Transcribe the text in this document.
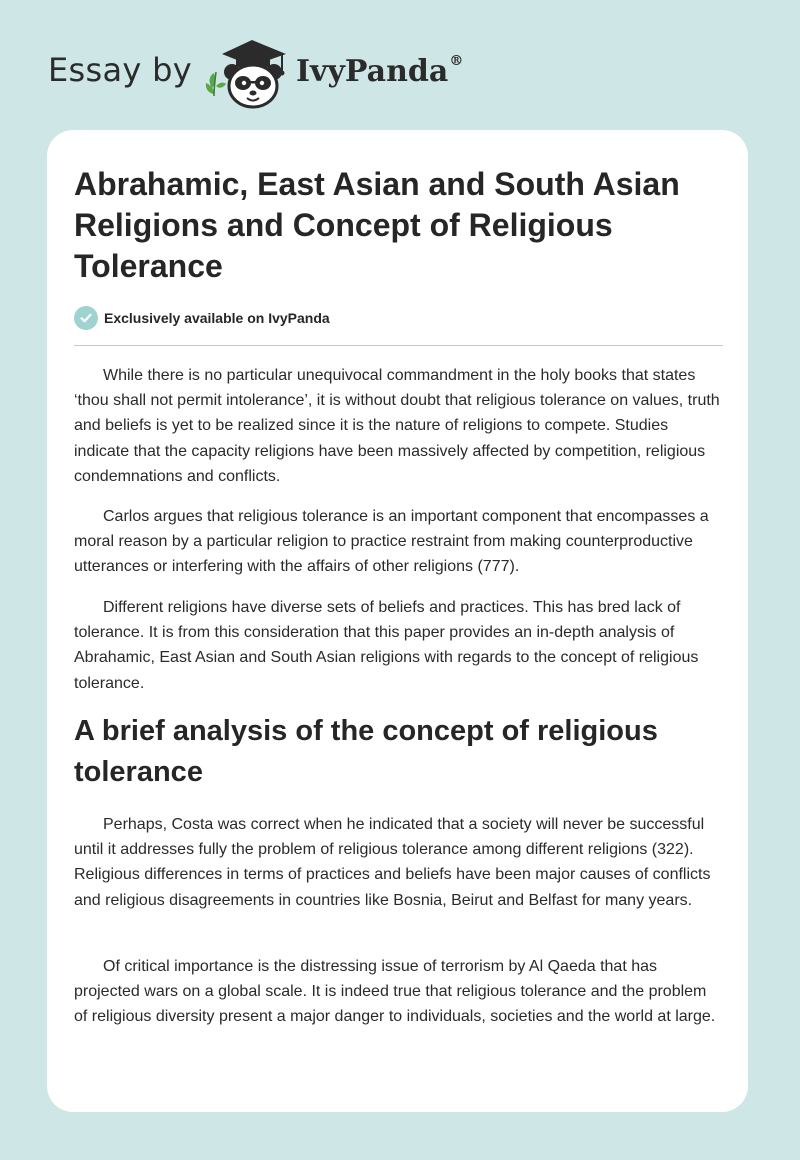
Essay by	IvyPanda®
Abrahamic, East Asian and South Asian Religions and Concept of Religious Tolerance
Exclusively available on IvyPanda

While there is no particular unequivocal commandment in the holy books that states ‘thou shall not permit intolerance’, it is without doubt that religious tolerance on values, truth and beliefs is yet to be realized since it is the nature of religions to compete. Studies indicate that the capacity religions have been massively affected by competition, religious condemnations and conflicts.

Carlos argues that religious tolerance is an important component that encompasses a moral reason by a particular religion to practice restraint from making counterproductive utterances or interfering with the affairs of other religions (777).

Different religions have diverse sets of beliefs and practices. This has bred lack of tolerance. It is from this consideration that this paper provides an in-depth analysis of Abrahamic, East Asian and South Asian religions with regards to the concept of religious tolerance.

A brief analysis of the concept of religious tolerance

Perhaps, Costa was correct when he indicated that a society will never be successful until it addresses fully the problem of religious tolerance among different religions (322). Religious differences in terms of practices and beliefs have been major causes of conflicts and religious disagreements in countries like Bosnia, Beirut and Belfast for many years.

Of critical importance is the distressing issue of terrorism by Al Qaeda that has projected wars on a global scale. It is indeed true that religious tolerance and the problem of religious diversity present a major danger to individuals, societies and the world at large.
